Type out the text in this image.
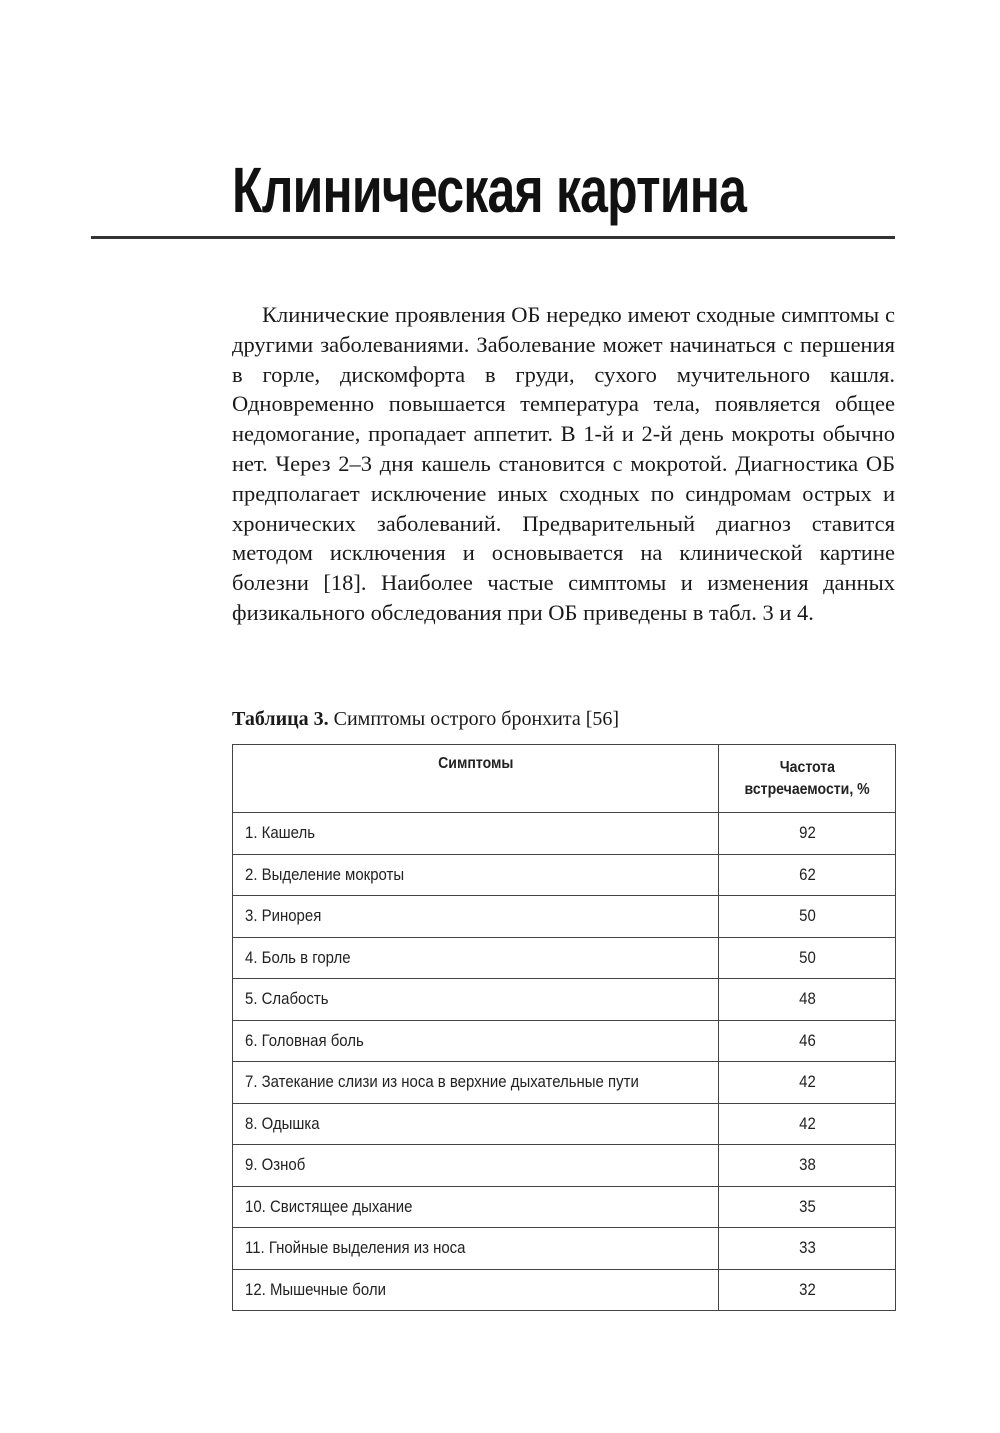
Клиническая картина

Клинические проявления ОБ нередко имеют сходные симптомы с другими заболеваниями. Заболевание может начинаться с першения в горле, дискомфорта в груди, сухого мучительного кашля. Одновременно повышается температура тела, появляется общее недомогание, пропадает аппетит. В 1-й и 2-й день мокроты обычно нет. Через 2–3 дня кашель становится с мокротой. Диагностика ОБ предполагает исключение иных сходных по синдромам острых и хронических заболеваний. Предварительный диагноз ставится методом исключения и основывается на клинической картине болезни [18]. Наиболее частые симптомы и изменения данных физикального обследования при ОБ приведены в табл. 3 и 4.

Таблица 3. Симптомы острого бронхита [56]
Симптомы	Частота
встречаемости, %
1. Кашель	92
2. Выделение мокроты	62
3. Ринорея	50
4. Боль в горле	50
5. Слабость	48
6. Головная боль	46
7. Затекание слизи из носа в верхние дыхательные пути	42
8. Одышка	42
9. Озноб	38
10. Свистящее дыхание	35
11. Гнойные выделения из носа	33
12. Мышечные боли	32
